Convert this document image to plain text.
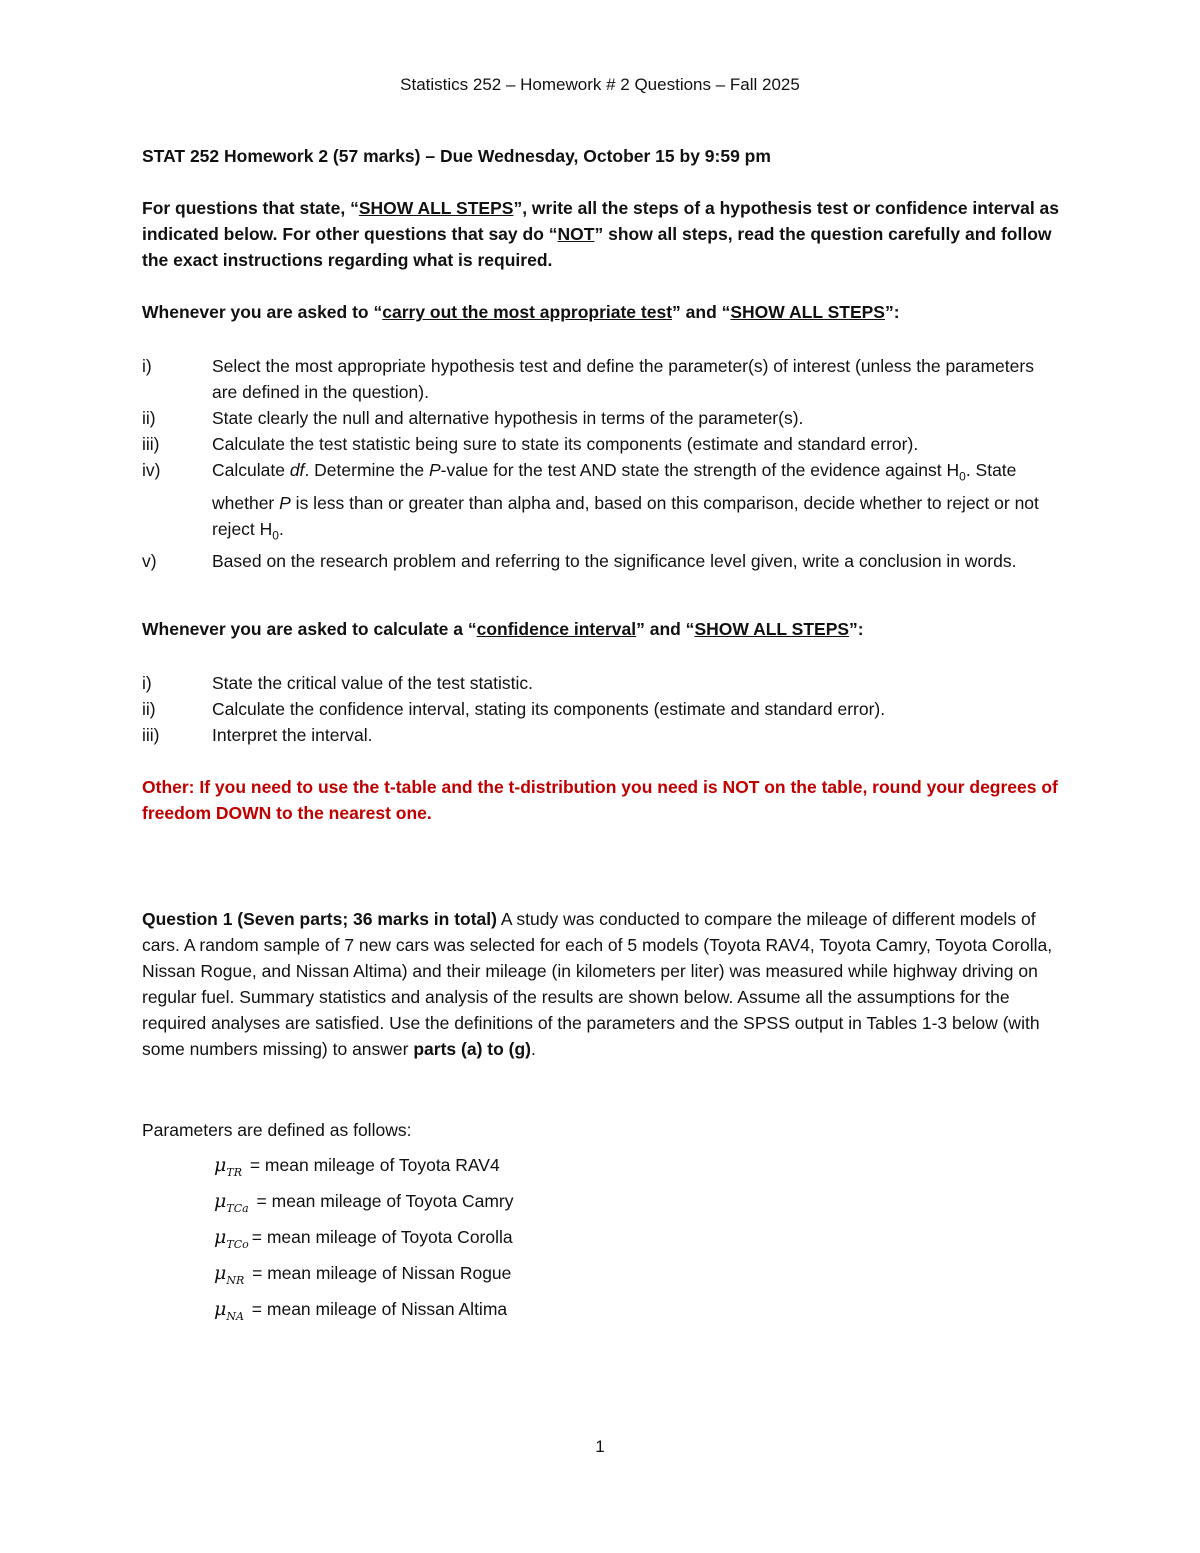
Statistics 252 – Homework # 2 Questions – Fall 2025
STAT 252 Homework 2 (57 marks) – Due Wednesday, October 15 by 9:59 pm
For questions that state, “SHOW ALL STEPS”, write all the steps of a hypothesis test or confidence interval as indicated below. For other questions that say do “NOT” show all steps, read the question carefully and follow the exact instructions regarding what is required.
Whenever you are asked to “carry out the most appropriate test” and “SHOW ALL STEPS”:
i)	Select the most appropriate hypothesis test and define the parameter(s) of interest (unless the parameters are defined in the question).
ii)	State clearly the null and alternative hypothesis in terms of the parameter(s).
iii)	Calculate the test statistic being sure to state its components (estimate and standard error).
iv)	Calculate df. Determine the P-value for the test AND state the strength of the evidence against $H_0$. State whether P is less than or greater than alpha and, based on this comparison, decide whether to reject or not reject $H_0$.
v)	Based on the research problem and referring to the significance level given, write a conclusion in words.
Whenever you are asked to calculate a “confidence interval” and “SHOW ALL STEPS”:
i)	State the critical value of the test statistic.
ii)	Calculate the confidence interval, stating its components (estimate and standard error).
iii)	Interpret the interval.
Other: If you need to use the t-table and the t-distribution you need is NOT on the table, round your degrees of freedom DOWN to the nearest one.
Question 1 (Seven parts; 36 marks in total) A study was conducted to compare the mileage of different models of cars. A random sample of 7 new cars was selected for each of 5 models (Toyota RAV4, Toyota Camry, Toyota Corolla, Nissan Rogue, and Nissan Altima) and their mileage (in kilometers per liter) was measured while highway driving on regular fuel. Summary statistics and analysis of the results are shown below. Assume all the assumptions for the required analyses are satisfied. Use the definitions of the parameters and the SPSS output in Tables 1-3 below (with some numbers missing) to answer parts (a) to (g).
Parameters are defined as follows:
$\mu_{TR}$ = mean mileage of Toyota RAV4
$\mu_{TCa}$ = mean mileage of Toyota Camry
$\mu_{TCo}$ = mean mileage of Toyota Corolla
$\mu_{NR}$ = mean mileage of Nissan Rogue
$\mu_{NA}$ = mean mileage of Nissan Altima
1
